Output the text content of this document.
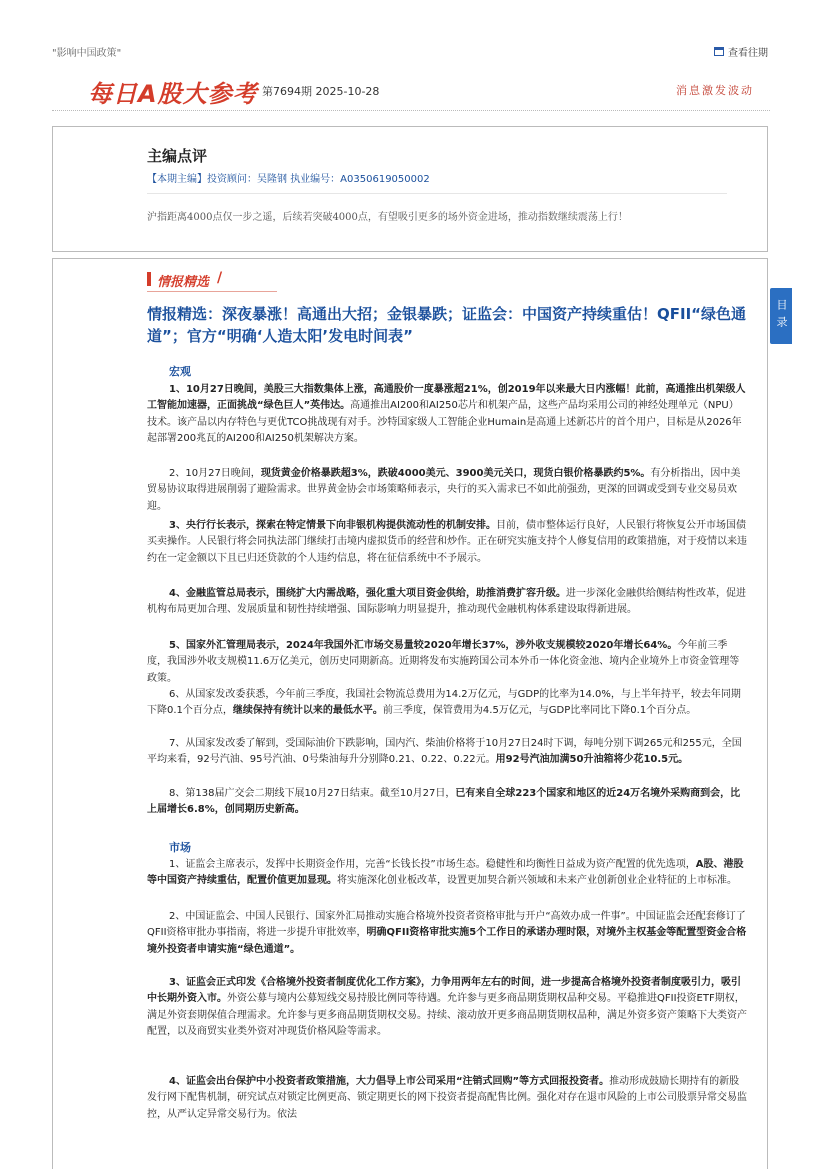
"影响中国政策"	查看往期
每日A股大参考 第7694期 2025-10-28	消息激发波动
主编点评
【本期主编】投资顾问：吴隆钢 执业编号：A0350619050002
沪指距离4000点仅一步之遥，后续若突破4000点，有望吸引更多的场外资金进场，推动指数继续震荡上行！
情报精选 /
情报精选：深夜暴涨！高通出大招；金银暴跌；证监会：中国资产持续重估！QFII“绿色通道”；官方“明确‘人造太阳’发电时间表”
宏观

1、10月27日晚间，美股三大指数集体上涨，高通股价一度暴涨超21%，创2019年以来最大日内涨幅！此前，高通推出机架级人工智能加速器，正面挑战“绿色巨人”英伟达。高通推出AI200和AI250芯片和机架产品，这些产品均采用公司的神经处理单元（NPU）技术。该产品以内存特色与更优TCO挑战现有对手。沙特国家级人工智能企业Humain是高通上述新芯片的首个用户，目标是从2026年起部署200兆瓦的AI200和AI250机架解决方案。

2、10月27日晚间，现货黄金价格暴跌超3%，跌破4000美元、3900美元关口，现货白银价格暴跌约5%。有分析指出，因中美贸易协议取得进展削弱了避险需求。世界黄金协会市场策略师表示，央行的买入需求已不如此前强劲，更深的回调或受到专业交易员欢迎。

3、央行行长表示，探索在特定情景下向非银机构提供流动性的机制安排。目前，债市整体运行良好，人民银行将恢复公开市场国债买卖操作。人民银行将会同执法部门继续打击境内虚拟货币的经营和炒作。正在研究实施支持个人修复信用的政策措施，对于疫情以来违约在一定金额以下且已归还贷款的个人违约信息，将在征信系统中不予展示。

4、金融监管总局表示，围绕扩大内需战略，强化重大项目资金供给，助推消费扩容升级。进一步深化金融供给侧结构性改革，促进机构布局更加合理、发展质量和韧性持续增强、国际影响力明显提升，推动现代金融机构体系建设取得新进展。

5、国家外汇管理局表示，2024年我国外汇市场交易量较2020年增长37%，涉外收支规模较2020年增长64%。今年前三季度，我国涉外收支规模11.6万亿美元，创历史同期新高。近期将发布实施跨国公司本外币一体化资金池、境内企业境外上市资金管理等政策。

6、从国家发改委获悉，今年前三季度，我国社会物流总费用为14.2万亿元，与GDP的比率为14.0%，与上半年持平，较去年同期下降0.1个百分点，继续保持有统计以来的最低水平。前三季度，保管费用为4.5万亿元，与GDP比率同比下降0.1个百分点。

7、从国家发改委了解到，受国际油价下跌影响，国内汽、柴油价格将于10月27日24时下调，每吨分别下调265元和255元，全国平均来看，92号汽油、95号汽油、0号柴油每升分别降0.21、0.22、0.22元。用92号汽油加满50升油箱将少花10.5元。

8、第138届广交会二期线下展10月27日结束。截至10月27日，已有来自全球223个国家和地区的近24万名境外采购商到会，比上届增长6.8%，创同期历史新高。

市场

1、证监会主席表示，发挥中长期资金作用，完善“长钱长投”市场生态。稳健性和均衡性日益成为资产配置的优先选项，A股、港股等中国资产持续重估，配置价值更加显现。将实施深化创业板改革，设置更加契合新兴领域和未来产业创新创业企业特征的上市标准。

2、中国证监会、中国人民银行、国家外汇局推动实施合格境外投资者资格审批与开户“高效办成一件事”。中国证监会还配套修订了QFII资格审批办事指南，将进一步提升审批效率，明确QFII资格审批实施5个工作日的承诺办理时限，对境外主权基金等配置型资金合格境外投资者申请实施“绿色通道”。

3、证监会正式印发《合格境外投资者制度优化工作方案》，力争用两年左右的时间，进一步提高合格境外投资者制度吸引力，吸引中长期外资入市。外资公募与境内公募短线交易持股比例同等待遇。允许参与更多商品期货期权品种交易。平稳推进QFII投资ETF期权，满足外资套期保值合理需求。允许参与更多商品期货期权交易。持续、滚动放开更多商品期货期权品种，满足外资多资产策略下大类资产配置，以及商贸实业类外资对冲现货价格风险等需求。

4、证监会出台保护中小投资者政策措施，大力倡导上市公司采用“注销式回购”等方式回报投资者。推动形成鼓励长期持有的新股发行网下配售机制，研究试点对锁定比例更高、锁定期更长的网下投资者提高配售比例。强化对存在退市风险的上市公司股票异常交易监控，从严认定异常交易行为。依法

目录
